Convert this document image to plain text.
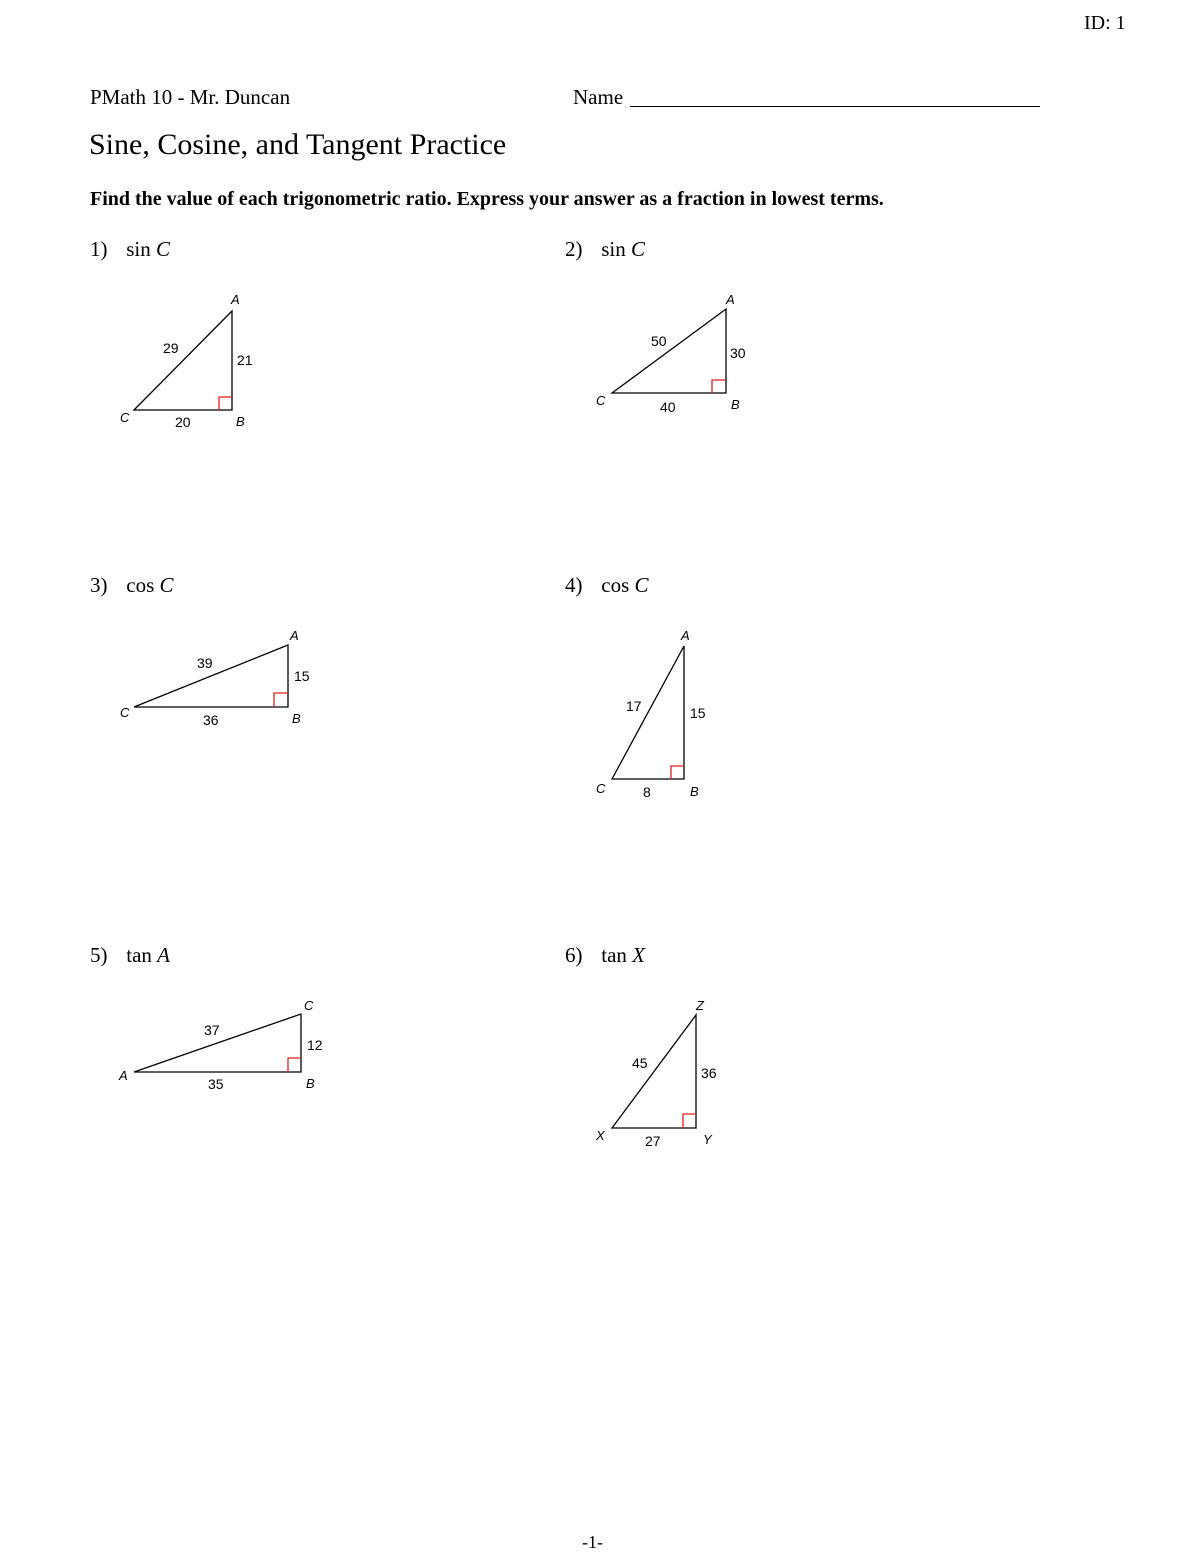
ID: 1
PMath 10 - Mr. Duncan	Name
Sine, Cosine, and Tangent Practice
Find the value of each trigonometric ratio. Express your answer as a fraction in lowest terms.
1) sin C
A
C	B
29
21
20
2) sin C
A
C	B
50
30
40
3) cos C
A
C	B
39
15
36
4) cos C
A
C	B
17	15
8
5) tan A
C
A
B
37
12
35
6) tan X
Z
X	Y
45
36
27
-1-
